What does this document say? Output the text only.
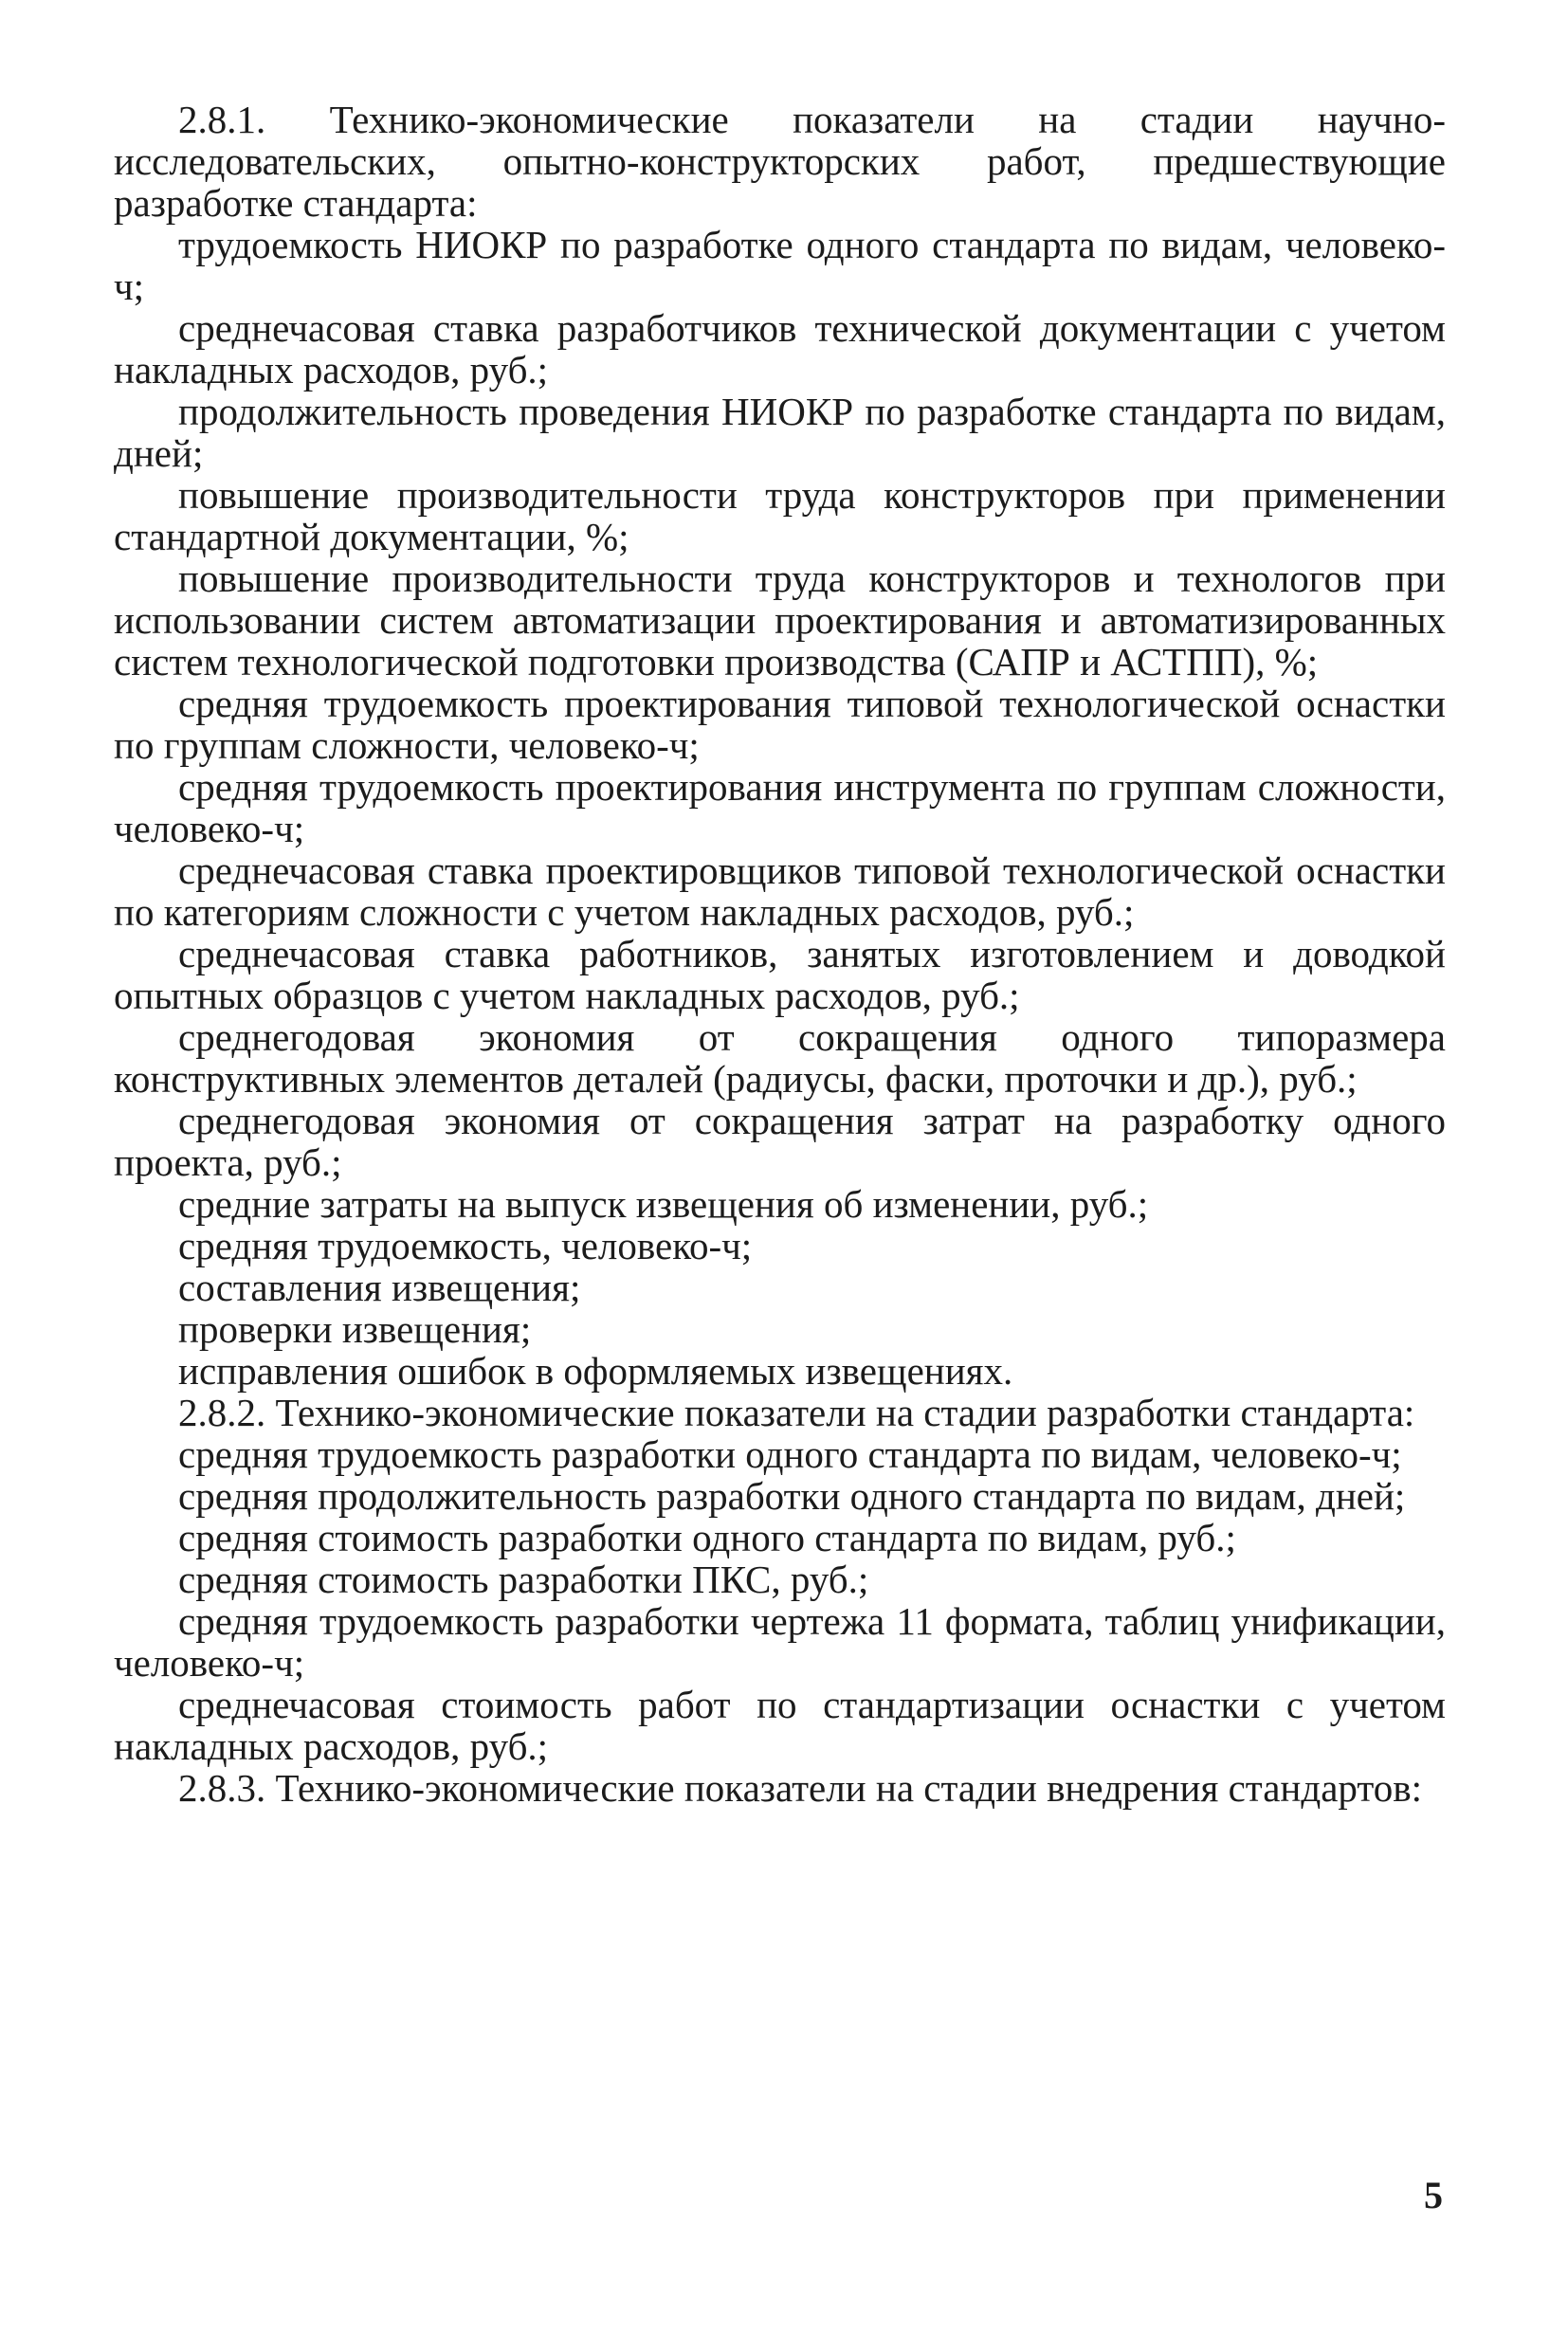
2.8.1. Технико-экономические показатели на стадии научно-исследовательских, опытно-конструкторских работ, предшествующие разработке стандарта:

трудоемкость НИОКР по разработке одного стандарта по видам, человеко-ч;

среднечасовая ставка разработчиков технической документации с учетом накладных расходов, руб.;

продолжительность проведения НИОКР по разработке стандарта по видам, дней;

повышение производительности труда конструкторов при применении стандартной документации, %;

повышение производительности труда конструкторов и технологов при использовании систем автоматизации проектирования и автоматизированных систем технологической подготовки производства (САПР и АСТПП), %;

средняя трудоемкость проектирования типовой технологической оснастки по группам сложности, человеко-ч;

средняя трудоемкость проектирования инструмента по группам сложности, человеко-ч;

среднечасовая ставка проектировщиков типовой технологической оснастки по категориям сложности с учетом накладных расходов, руб.;

среднечасовая ставка работников, занятых изготовлением и доводкой опытных образцов с учетом накладных расходов, руб.;

среднегодовая экономия от сокращения одного типоразмера конструктивных элементов деталей (радиусы, фаски, проточки и др.), руб.;

среднегодовая экономия от сокращения затрат на разработку одного проекта, руб.;

средние затраты на выпуск извещения об изменении, руб.;

средняя трудоемкость, человеко-ч;

составления извещения;

проверки извещения;

исправления ошибок в оформляемых извещениях.

2.8.2. Технико-экономические показатели на стадии разработки стандарта:

средняя трудоемкость разработки одного стандарта по видам, человеко-ч;

средняя продолжительность разработки одного стандарта по видам, дней;

средняя стоимость разработки одного стандарта по видам, руб.;

средняя стоимость разработки ПКС, руб.;

средняя трудоемкость разработки чертежа 11 формата, таблиц унификации, человеко-ч;

среднечасовая стоимость работ по стандартизации оснастки с учетом накладных расходов, руб.;

2.8.3. Технико-экономические показатели на стадии внедрения стандартов:

5
